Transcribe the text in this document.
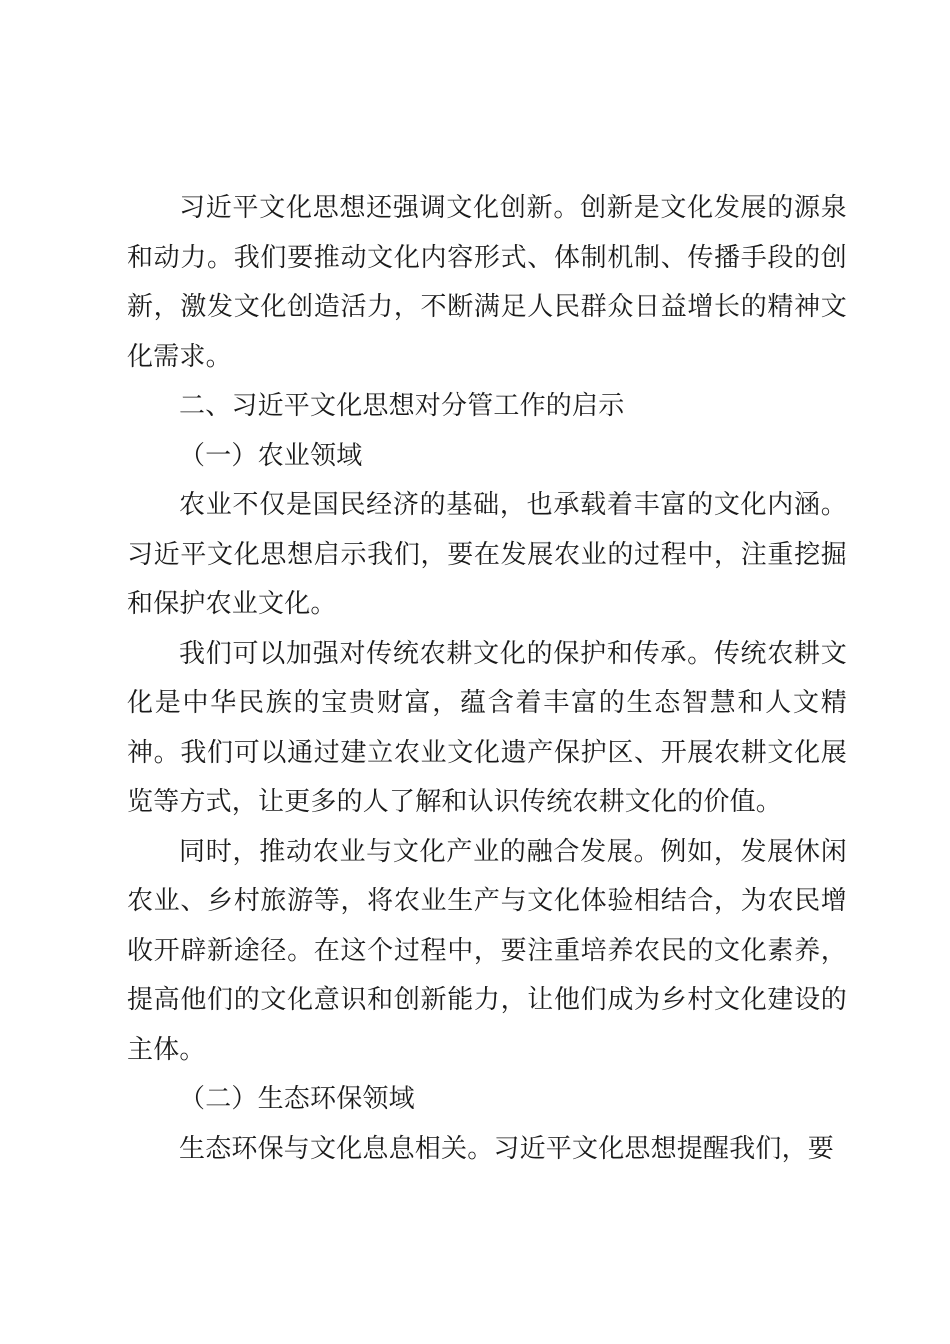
习近平文化思想还强调文化创新。创新是文化发展的源泉和动力。我们要推动文化内容形式、体制机制、传播手段的创新，激发文化创造活力，不断满足人民群众日益增长的精神文化需求。

二、习近平文化思想对分管工作的启示

（一）农业领域

农业不仅是国民经济的基础，也承载着丰富的文化内涵。习近平文化思想启示我们，要在发展农业的过程中，注重挖掘和保护农业文化。

我们可以加强对传统农耕文化的保护和传承。传统农耕文化是中华民族的宝贵财富，蕴含着丰富的生态智慧和人文精神。我们可以通过建立农业文化遗产保护区、开展农耕文化展览等方式，让更多的人了解和认识传统农耕文化的价值。

同时，推动农业与文化产业的融合发展。例如，发展休闲农业、乡村旅游等，将农业生产与文化体验相结合，为农民增收开辟新途径。在这个过程中，要注重培养农民的文化素养，提高他们的文化意识和创新能力，让他们成为乡村文化建设的主体。

（二）生态环保领域

生态环保与文化息息相关。习近平文化思想提醒我们，要
